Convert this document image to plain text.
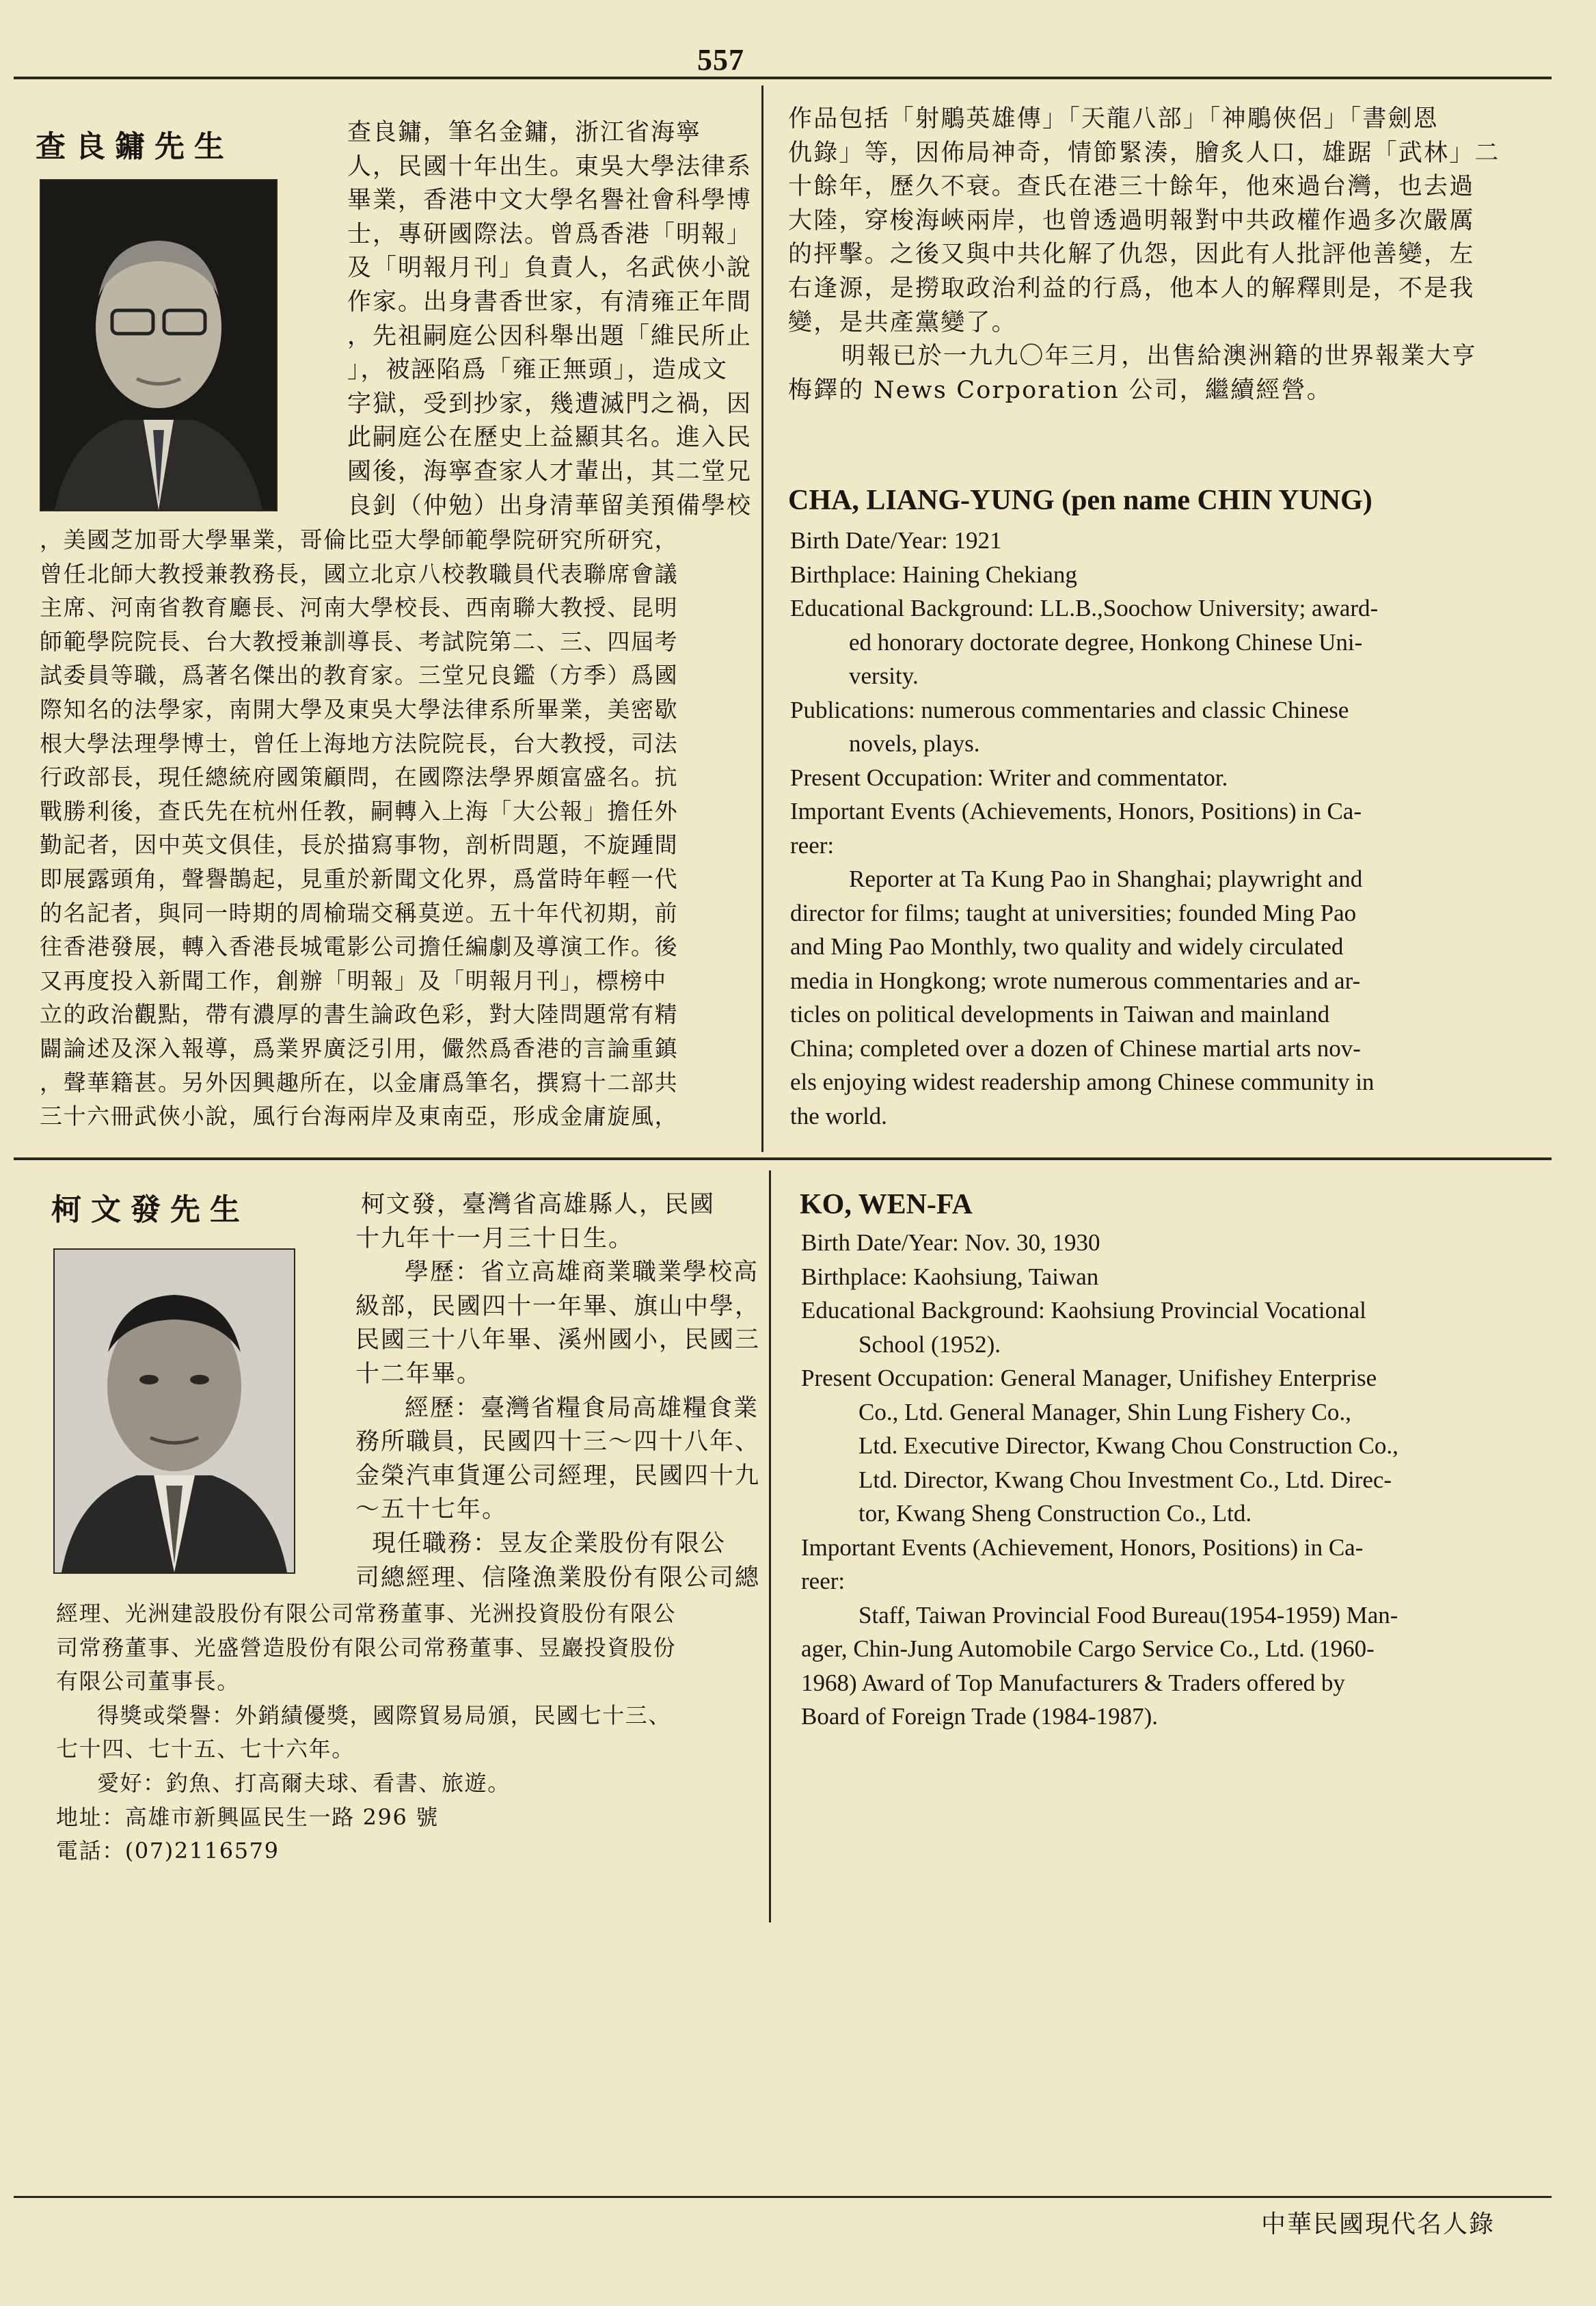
557
查良鏞先生	查良鏞，筆名金鏞，浙江省海寧
人，民國十年出生。東吳大學法律系
畢業，香港中文大學名譽社會科學博
士，專研國際法。曾爲香港「明報」
及「明報月刊」負責人，名武俠小說
作家。出身書香世家，有清雍正年間
，先祖嗣庭公因科舉出題「維民所止
」，被誣陷爲「雍正無頭」，造成文
字獄，受到抄家，幾遭滅門之禍，因
此嗣庭公在歷史上益顯其名。進入民
國後，海寧查家人才輩出，其二堂兄
良釗（仲勉）出身清華留美預備學校
，美國芝加哥大學畢業，哥倫比亞大學師範學院研究所研究，
曾任北師大教授兼教務長，國立北京八校教職員代表聯席會議
主席、河南省教育廳長、河南大學校長、西南聯大教授、昆明
師範學院院長、台大教授兼訓導長、考試院第二、三、四屆考
試委員等職，爲著名傑出的教育家。三堂兄良鑑（方季）爲國
際知名的法學家，南開大學及東吳大學法律系所畢業，美密歇
根大學法理學博士，曾任上海地方法院院長，台大教授，司法
行政部長，現任總統府國策顧問，在國際法學界頗富盛名。抗
戰勝利後，查氏先在杭州任教，嗣轉入上海「大公報」擔任外
勤記者，因中英文俱佳，長於描寫事物，剖析問題，不旋踵間
即展露頭角，聲譽鵲起，見重於新聞文化界，爲當時年輕一代
的名記者，與同一時期的周榆瑞交稱莫逆。五十年代初期，前
往香港發展，轉入香港長城電影公司擔任編劇及導演工作。後
又再度投入新聞工作，創辦「明報」及「明報月刊」，標榜中
立的政治觀點，帶有濃厚的書生論政色彩，對大陸問題常有精
闢論述及深入報導，爲業界廣泛引用，儼然爲香港的言論重鎮
，聲華籍甚。另外因興趣所在，以金庸爲筆名，撰寫十二部共
三十六冊武俠小說，風行台海兩岸及東南亞，形成金庸旋風，
作品包括「射鵰英雄傳」「天龍八部」「神鵰俠侶」「書劍恩
仇錄」等，因佈局神奇，情節緊湊，膾炙人口，雄踞「武林」二
十餘年，歷久不衰。查氏在港三十餘年，他來過台灣，也去過
大陸，穿梭海峽兩岸，也曾透過明報對中共政權作過多次嚴厲
的抨擊。之後又與中共化解了仇怨，因此有人批評他善變，左
右逢源，是撈取政治利益的行爲，他本人的解釋則是，不是我
變，是共產黨變了。
明報已於一九九〇年三月，出售給澳洲籍的世界報業大亨
梅鐸的 News Corporation 公司，繼續經營。
CHA, LIANG-YUNG (pen name CHIN YUNG)
Birth Date/Year: 1921
Birthplace: Haining Chekiang
Educational Background: LL.B.,Soochow University; award-
ed honorary doctorate degree, Honkong Chinese Uni-
versity.
Publications: numerous commentaries and classic Chinese
novels, plays.
Present Occupation: Writer and commentator.
Important Events (Achievements, Honors, Positions) in Ca-
reer:
Reporter at Ta Kung Pao in Shanghai; playwright and
director for films; taught at universities; founded Ming Pao
and Ming Pao Monthly, two quality and widely circulated
media in Hongkong; wrote numerous commentaries and ar-
ticles on political developments in Taiwan and mainland
China; completed over a dozen of Chinese martial arts nov-
els enjoying widest readership among Chinese community in
the world.
柯文發先生	柯文發，臺灣省高雄縣人，民國
十九年十一月三十日生。
學歷：省立高雄商業職業學校高
級部，民國四十一年畢、旗山中學，
民國三十八年畢、溪州國小，民國三
十二年畢。
經歷：臺灣省糧食局高雄糧食業
務所職員，民國四十三～四十八年、
金榮汽車貨運公司經理，民國四十九
～五十七年。
現任職務：昱友企業股份有限公
司總經理、信隆漁業股份有限公司總
經理、光洲建設股份有限公司常務董事、光洲投資股份有限公
司常務董事、光盛營造股份有限公司常務董事、昱巖投資股份
有限公司董事長。
得獎或榮譽：外銷績優獎，國際貿易局頒，民國七十三、
七十四、七十五、七十六年。
愛好：釣魚、打高爾夫球、看書、旅遊。
地址：高雄市新興區民生一路 296 號
電話：(07)2116579
KO, WEN-FA
Birth Date/Year: Nov. 30, 1930
Birthplace: Kaohsiung, Taiwan
Educational Background: Kaohsiung Provincial Vocational
School (1952).
Present Occupation: General Manager, Unifishey Enterprise
Co., Ltd. General Manager, Shin Lung Fishery Co.,
Ltd. Executive Director, Kwang Chou Construction Co.,
Ltd. Director, Kwang Chou Investment Co., Ltd. Direc-
tor, Kwang Sheng Construction Co., Ltd.
Important Events (Achievement, Honors, Positions) in Ca-
reer:
Staff, Taiwan Provincial Food Bureau(1954-1959) Man-
ager, Chin-Jung Automobile Cargo Service Co., Ltd. (1960-
1968) Award of Top Manufacturers & Traders offered by
Board of Foreign Trade (1984-1987).
中華民國現代名人錄
